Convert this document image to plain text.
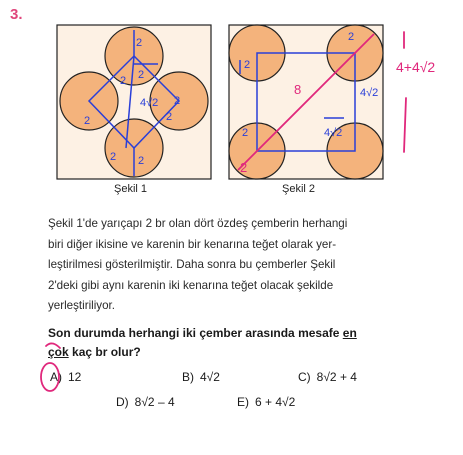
3.
2
2
4√2
2	2
2
2 2
2
Şekil 1
2
2
4√2
4√2
2
8
2
Şekil 2
Şekil 1'de yarıçapı 2 br olan dört özdeş çemberin herhangi
biri diğer ikisine ve karenin bir kenarına teğet olarak yer-
leştirilmesi gösterilmiştir. Daha sonra bu çemberler Şekil
2'deki gibi aynı karenin iki kenarına teğet olacak şekilde
yerleştiriliyor.
Son durumda herhangi iki çember arasında mesafe en
çok kaç br olur?
A) 12	B) 4√2	C) 8√2 + 4
D) 8√2 – 4	E) 6 + 4√2
4+4√2
